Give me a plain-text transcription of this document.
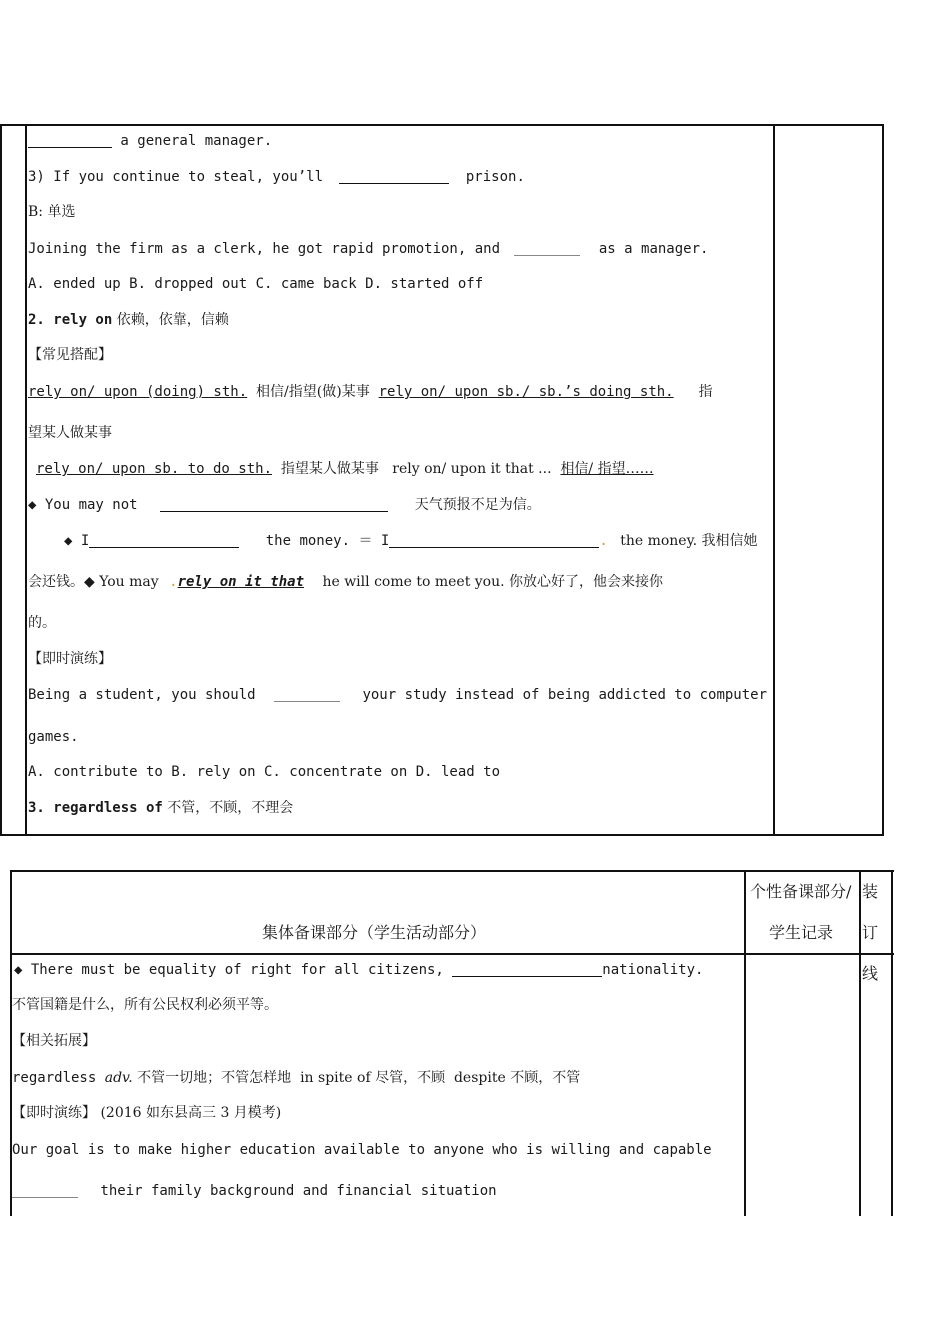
a general manager.
3) If you continue to steal, you’ll	prison.
B: 单选
Joining the firm as a clerk, he got rapid promotion, and	as a manager.
A. ended up B. dropped out C. came back D. started off
2. rely on 依赖，依靠，信赖
【常见搭配】
rely on/ upon (doing) sth.  相信/指望(做)某事  rely on/ upon sb./ sb.’s doing sth.  指
望某人做某事
rely on/ upon sb. to do sth.  指望某人做某事   rely on/ upon it that ...  相信/ 指望……
◆ You may not	天气预报不足为信。
◆ I	the money. ＝ I	. the money. 我相信她
会还钱。◆ You may .rely on it that he will come to meet you. 你放心好了，他会来接你
的。
【即时演练】
Being a student, you should	your study instead of being addicted to computer
games.
A. contribute to B. rely on C. concentrate on D. lead to
3. regardless of 不管，不顾，不理会
集体备课部分（学生活动部分）
个性备课部分/
学生记录
装
订
线
◆ There must be equality of right for all citizens,	nationality.
不管国籍是什么，所有公民权利必须平等。
【相关拓展】
regardless adv. 不管一切地；不管怎样地  in spite of 尽管，不顾  despite 不顾，不管
【即时演练】 (2016 如东县高三 3 月模考)
Our goal is to make higher education available to anyone who is willing and capable
their family background and financial situation
